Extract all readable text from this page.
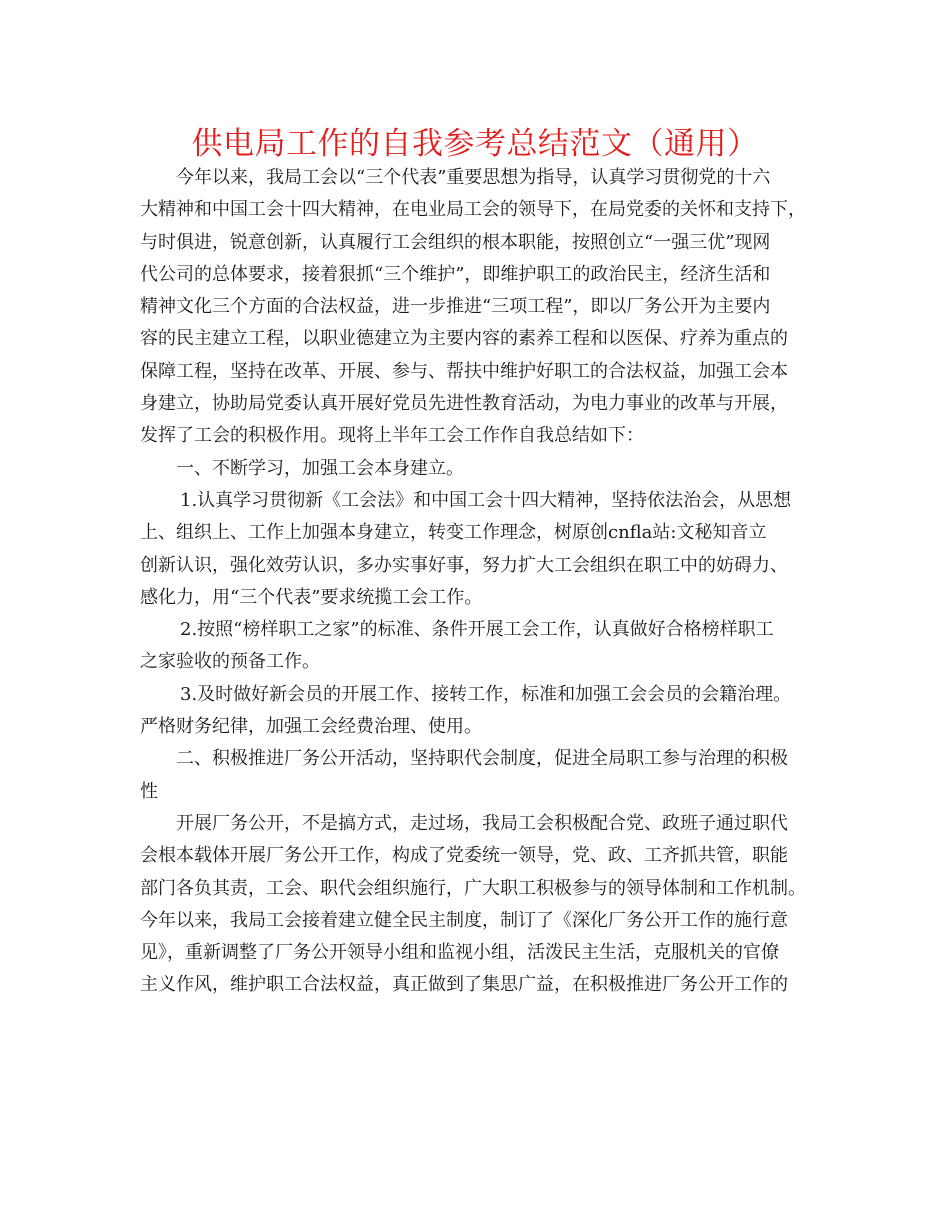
供电局工作的自我参考总结范文（通用）
今年以来，我局工会以“三个代表”重要思想为指导，认真学习贯彻党的十六
大精神和中国工会十四大精神，在电业局工会的领导下，在局党委的关怀和支持下，
与时俱进，锐意创新，认真履行工会组织的根本职能，按照创立“一强三优”现网
代公司的总体要求，接着狠抓“三个维护”，即维护职工的政治民主，经济生活和
精神文化三个方面的合法权益，进一步推进“三项工程”，即以厂务公开为主要内
容的民主建立工程，以职业德建立为主要内容的素养工程和以医保、疗养为重点的
保障工程，坚持在改革、开展、参与、帮扶中维护好职工的合法权益，加强工会本
身建立，协助局党委认真开展好党员先进性教育活动，为电力事业的改革与开展，
发挥了工会的积极作用。现将上半年工会工作作自我总结如下：
一、不断学习，加强工会本身建立。
1.认真学习贯彻新《工会法》和中国工会十四大精神，坚持依法治会，从思想
上、组织上、工作上加强本身建立，转变工作理念，树原创cnfla站:文秘知音立
创新认识，强化效劳认识，多办实事好事，努力扩大工会组织在职工中的妨碍力、
感化力，用“三个代表”要求统揽工会工作。
2.按照“榜样职工之家”的标准、条件开展工会工作，认真做好合格榜样职工
之家验收的预备工作。
3.及时做好新会员的开展工作、接转工作，标准和加强工会会员的会籍治理。
严格财务纪律，加强工会经费治理、使用。
二、积极推进厂务公开活动，坚持职代会制度，促进全局职工参与治理的积极
性
开展厂务公开，不是搞方式，走过场，我局工会积极配合党、政班子通过职代
会根本载体开展厂务公开工作，构成了党委统一领导，党、政、工齐抓共管，职能
部门各负其责，工会、职代会组织施行，广大职工积极参与的领导体制和工作机制。
今年以来，我局工会接着建立健全民主制度，制订了《深化厂务公开工作的施行意
见》，重新调整了厂务公开领导小组和监视小组，活泼民主生活，克服机关的官僚
主义作风，维护职工合法权益，真正做到了集思广益，在积极推进厂务公开工作的
